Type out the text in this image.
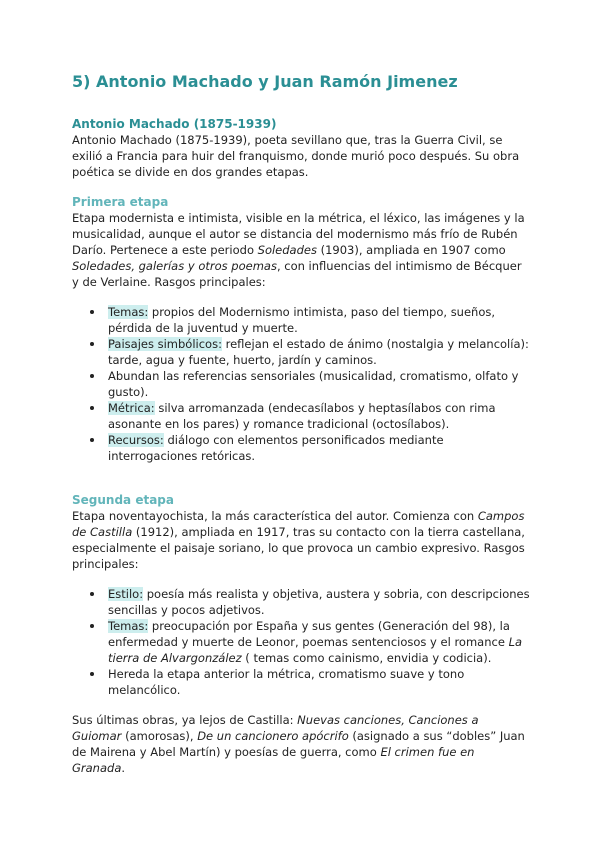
5) Antonio Machado y Juan Ramón Jimenez
Antonio Machado (1875-1939)

Antonio Machado (1875-1939), poeta sevillano que, tras la Guerra Civil, se exilió a Francia para huir del franquismo, donde murió poco después. Su obra poética se divide en dos grandes etapas.

Primera etapa

Etapa modernista e intimista, visible en la métrica, el léxico, las imágenes y la musicalidad, aunque el autor se distancia del modernismo más frío de Rubén Darío. Pertenece a este periodo Soledades (1903), ampliada en 1907 como Soledades, galerías y otros poemas, con influencias del intimismo de Bécquer y de Verlaine. Rasgos principales:

Temas: propios del Modernismo intimista, paso del tiempo, sueños, pérdida de la juventud y muerte.
Paisajes simbólicos: reflejan el estado de ánimo (nostalgia y melancolía): tarde, agua y fuente, huerto, jardín y caminos.
Abundan las referencias sensoriales (musicalidad, cromatismo, olfato y gusto).
Métrica: silva arromanzada (endecasílabos y heptasílabos con rima asonante en los pares) y romance tradicional (octosílabos).
Recursos: diálogo con elementos personificados mediante interrogaciones retóricas.
Segunda etapa

Etapa noventayochista, la más característica del autor. Comienza con Campos de Castilla (1912), ampliada en 1917, tras su contacto con la tierra castellana, especialmente el paisaje soriano, lo que provoca un cambio expresivo. Rasgos principales:

Estilo: poesía más realista y objetiva, austera y sobria, con descripciones sencillas y pocos adjetivos.
Temas: preocupación por España y sus gentes (Generación del 98), la enfermedad y muerte de Leonor, poemas sentenciosos y el romance La tierra de Alvargonzález ( temas como cainismo, envidia y codicia).
Hereda la etapa anterior la métrica, cromatismo suave y tono melancólico.

Sus últimas obras, ya lejos de Castilla: Nuevas canciones, Canciones a Guiomar (amorosas), De un cancionero apócrifo (asignado a sus “dobles” Juan de Mairena y Abel Martín) y poesías de guerra, como El crimen fue en Granada.
